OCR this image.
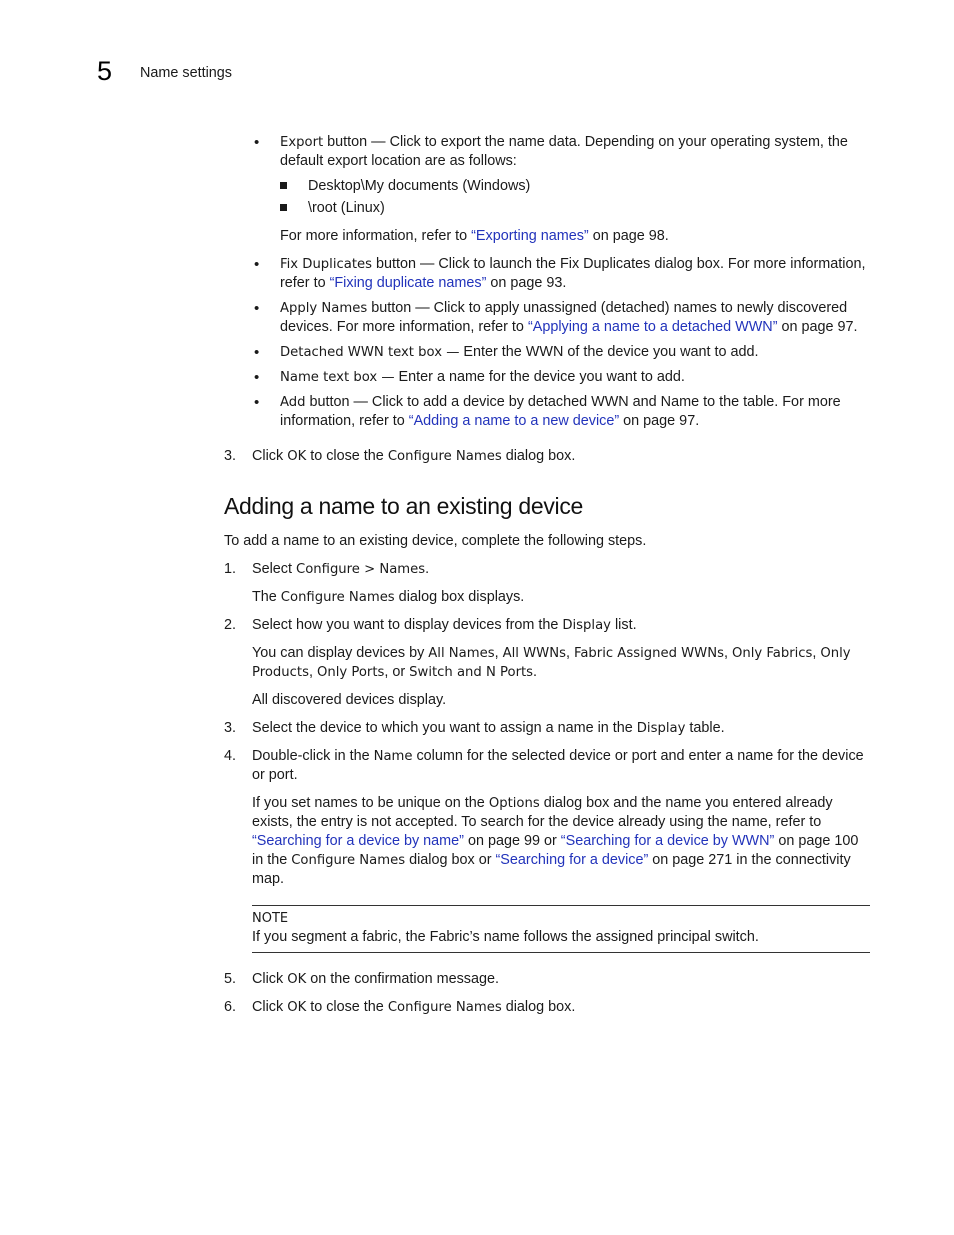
5 Name settings
• Export button — Click to export the name data. Depending on your operating system, the default export location are as follows:
Desktop\My documents (Windows)
\root (Linux)
For more information, refer to “Exporting names” on page 98.
• Fix Duplicates button — Click to launch the Fix Duplicates dialog box. For more information, refer to “Fixing duplicate names” on page 93.
• Apply Names button — Click to apply unassigned (detached) names to newly discovered devices. For more information, refer to “Applying a name to a detached WWN” on page 97.
• Detached WWN text box — Enter the WWN of the device you want to add.
• Name text box — Enter a name for the device you want to add.
• Add button — Click to add a device by detached WWN and Name to the table. For more information, refer to “Adding a name to a new device” on page 97.
3. Click OK to close the Configure Names dialog box.
Adding a name to an existing device
To add a name to an existing device, complete the following steps.
1. Select Configure > Names.
The Configure Names dialog box displays.
2. Select how you want to display devices from the Display list.
You can display devices by All Names, All WWNs, Fabric Assigned WWNs, Only Fabrics, Only Products, Only Ports, or Switch and N Ports.
All discovered devices display.
3. Select the device to which you want to assign a name in the Display table.
4. Double-click in the Name column for the selected device or port and enter a name for the device or port.
If you set names to be unique on the Options dialog box and the name you entered already exists, the entry is not accepted. To search for the device already using the name, refer to “Searching for a device by name” on page 99 or “Searching for a device by WWN” on page 100 in the Configure Names dialog box or “Searching for a device” on page 271 in the connectivity map.
NOTE
If you segment a fabric, the Fabric’s name follows the assigned principal switch.
5. Click OK on the confirmation message.
6. Click OK to close the Configure Names dialog box.
